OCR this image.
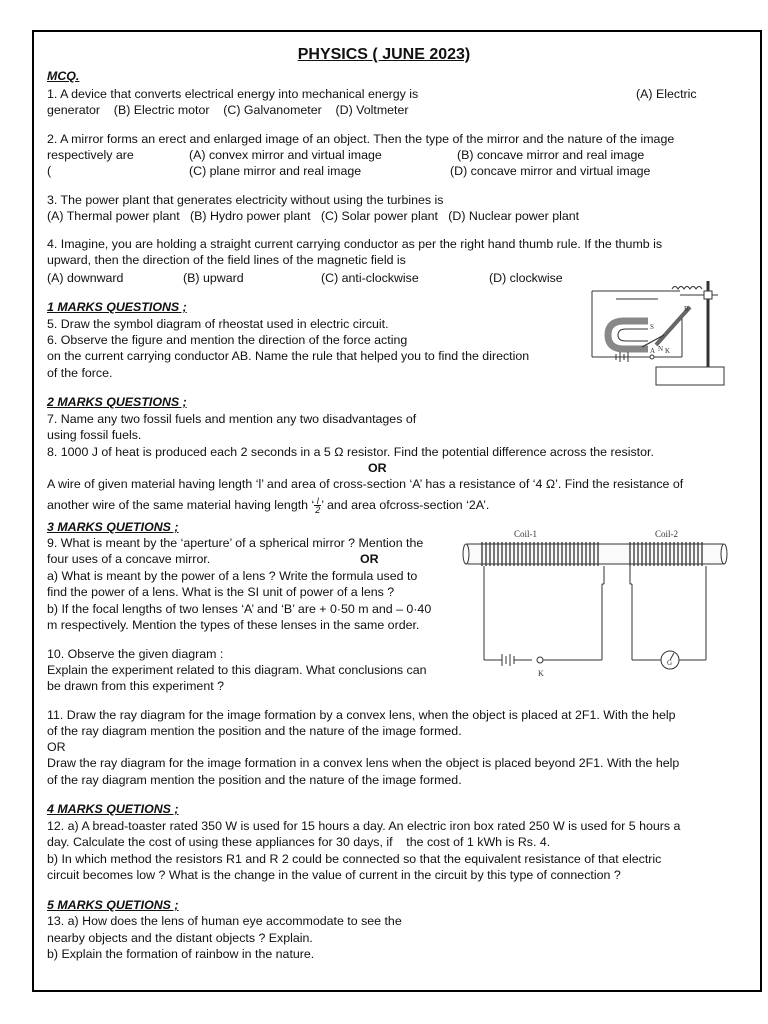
PHYSICS ( JUNE 2023)
MCQ.
1. A device that converts electrical energy into mechanical energy is	(A) Electric
generator    (B) Electric motor    (C) Galvanometer    (D) Voltmeter
2. A mirror forms an erect and enlarged image of an object. Then the type of the mirror and the nature of the image
respectively are	(A) convex mirror and virtual image	(B) concave mirror and real image
(	(C) plane mirror and real image	(D) concave mirror and virtual image
3. The power plant that generates electricity without using the turbines is
(A) Thermal power plant   (B) Hydro power plant   (C) Solar power plant   (D) Nuclear power plant
4. Imagine, you are holding a straight current carrying conductor as per the right hand thumb rule. If the thumb is
upward, then the direction of the field lines of the magnetic field is
(A) downward	(B) upward	(C) anti-clockwise	(D) clockwise
1 MARKS QUESTIONS ;
5. Draw the symbol diagram of rheostat used in electric circuit.
6. Observe the figure and mention the direction of the force acting
on the current carrying conductor AB. Name the rule that helped you to find the direction
of the force.
B
A N
S
K
2 MARKS QUESTIONS ;
7. Name any two fossil fuels and mention any two disadvantages of
using fossil fuels.
8. 1000 J of heat is produced each 2 seconds in a 5 Ω resistor. Find the potential difference across the resistor.
OR
A wire of given material having length ‘l’ and area of cross-section ‘A’ has a resistance of ‘4 Ω’. Find the resistance of
another wire of the same material having length ‘$\frac{l}{2}$’ and area ofcross-section ‘2A’.
3 MARKS QUETIONS ;
9. What is meant by the ‘aperture’ of a spherical mirror ? Mention the
four uses of a concave mirror.	OR
a) What is meant by the power of a lens ? Write the formula used to
find the power of a lens. What is the SI unit of power of a lens ?
b) If the focal lengths of two lenses ‘A’ and ‘B’ are + 0·50 m and – 0·40
m respectively. Mention the types of these lenses in the same order.
10. Observe the given diagram :
Explain the experiment related to this diagram. What conclusions can
be drawn from this experiment ?
Coil-1	Coil-2
K
G
11. Draw the ray diagram for the image formation by a convex lens, when the object is placed at 2F1. With the help
of the ray diagram mention the position and the nature of the image formed.
OR
Draw the ray diagram for the image formation in a convex lens when the object is placed beyond 2F1. With the help
of the ray diagram mention the position and the nature of the image formed.
4 MARKS QUETIONS ;
12. a) A bread-toaster rated 350 W is used for 15 hours a day. An electric iron box rated 250 W is used for 5 hours a
day. Calculate the cost of using these appliances for 30 days, if    the cost of 1 kWh is Rs. 4.
b) In which method the resistors R1 and R 2 could be connected so that the equivalent resistance of that electric
circuit becomes low ? What is the change in the value of current in the circuit by this type of connection ?
5 MARKS QUETIONS ;
13. a) How does the lens of human eye accommodate to see the
nearby objects and the distant objects ? Explain.
b) Explain the formation of rainbow in the nature.
